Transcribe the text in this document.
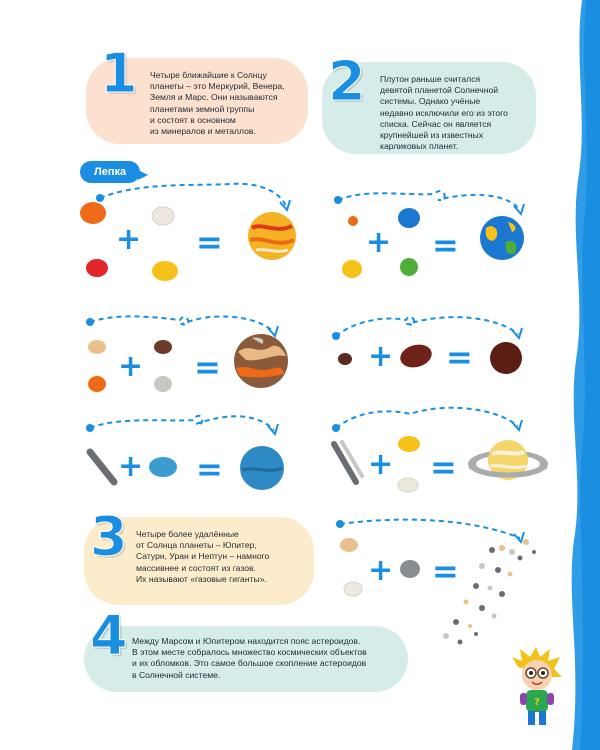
1 Четыре ближайшие к Солнцу
планеты – это Меркурий, Венера,
Земля и Марс. Они называются
планетами земной группы
и состоят в основном
из минералов и металлов.
2 Плутон раньше считался
девятой планетой Солнечной
системы. Однако учёные
недавно исключили его из этого
списка. Сейчас он является
крупнейшей из известных
карликовых планет.
Лепка
+ =	+ =
+ =	+ =
+ =	+ =
3 Четыре более удалённые
от Солнца планеты – Юпитер,
Сатурн, Уран и Нептун – намного
массивнее и состоят из газов.
Их называют «газовые гиганты».	+ =
4 Между Марсом и Юпитером находится пояс астероидов.
В этом месте собралось множество космических объектов
и их обломков. Это самое большое скопление астероидов
в Солнечной системе.
?
